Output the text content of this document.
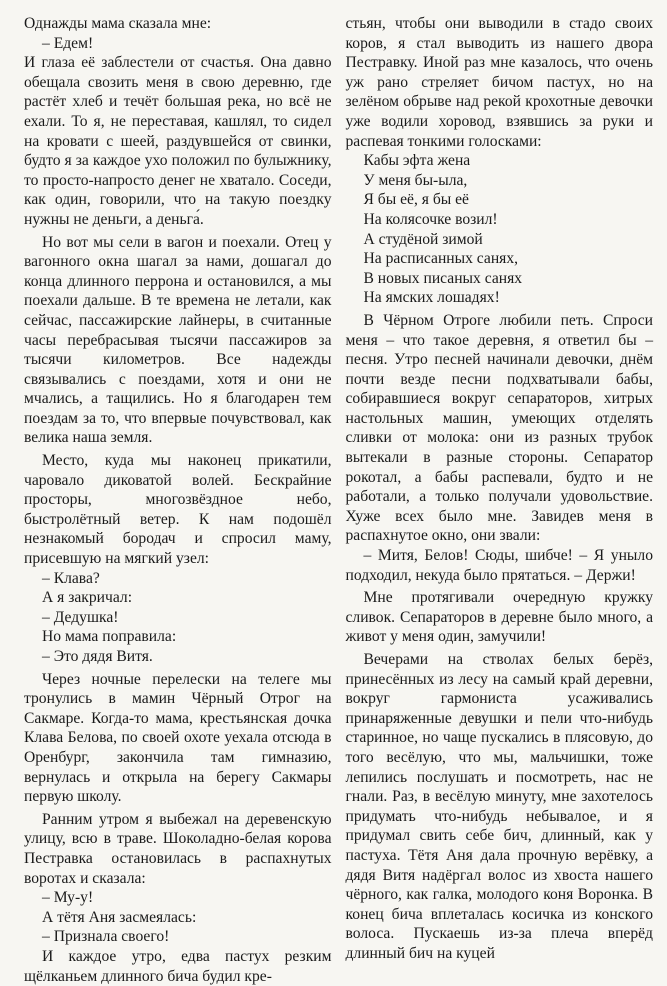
Однажды мама сказала мне:

– Едем!

И глаза её заблестели от счастья. Она давно обещала свозить меня в свою деревню, где растёт хлеб и течёт большая река, но всё не ехали. То я, не переставая, кашлял, то сидел на кровати с шеей, раздувшейся от свинки, будто я за каждое ухо положил по булыжнику, то просто-напросто денег не хватало. Соседи, как один, говорили, что на такую поездку нужны не деньги, а деньга́.

Но вот мы сели в вагон и поехали. Отец у вагонного окна шагал за нами, дошагал до конца длинного перрона и остановился, а мы поехали дальше. В те времена не летали, как сейчас, пассажирские лайнеры, в считанные часы перебрасывая тысячи пассажиров за тысячи километров. Все надежды связывались с поездами, хотя и они не мчались, а тащились. Но я благодарен тем поездам за то, что впервые почувствовал, как велика наша земля.

Место, куда мы наконец прикатили, чаровало диковатой волей. Бескрайние просторы, многозвёздное небо, быстролётный ветер. К нам подошёл незнакомый бородач и спросил маму, присевшую на мягкий узел:

– Клава?

А я закричал:

– Дедушка!

Но мама поправила:

– Это дядя Витя.

Через ночные перелески на телеге мы тронулись в мамин Чёрный Отрог на Сакмаре. Когда-то мама, крестьянская дочка Клава Белова, по своей охоте уехала отсюда в Оренбург, закончила там гимназию, вернулась и открыла на берегу Сакмары первую школу.

Ранним утром я выбежал на деревенскую улицу, всю в траве. Шоколадно-белая корова Пестравка остановилась в распахнутых воротах и сказала:

– Му-у!

А тётя Аня засмеялась:

– Признала своего!

И каждое утро, едва пастух резким щёлканьем длинного бича будил кре-

стьян, чтобы они выводили в стадо своих коров, я стал выводить из нашего двора Пестравку. Иной раз мне казалось, что очень уж рано стреляет бичом пастух, но на зелёном обрыве над рекой крохотные девочки уже водили хоровод, взявшись за руки и распевая тонкими голосками:

Кабы эфта жена

У меня бы-ыла,

Я бы её, я бы её

На колясочке возил!

А студёной зимой

На расписанных санях,

В новых писаных санях

На ямских лошадях!

В Чёрном Отроге любили петь. Спроси меня – что такое деревня, я ответил бы – песня. Утро песней начинали девочки, днём почти везде песни подхватывали бабы, собиравшиеся вокруг сепараторов, хитрых настольных машин, умеющих отделять сливки от молока: они из разных трубок вытекали в разные стороны. Сепаратор рокотал, а бабы распевали, будто и не работали, а только получали удовольствие. Хуже всех было мне. Завидев меня в распахнутое окно, они звали:

– Митя, Белов! Сюды, шибче! – Я уныло подходил, некуда было прятаться. – Держи!

Мне протягивали очередную кружку сливок. Сепараторов в деревне было много, а живот у меня один, замучили!

Вечерами на стволах белых берёз, принесённых из лесу на самый край деревни, вокруг гармониста усаживались принаряженные девушки и пели что-нибудь старинное, но чаще пускались в плясовую, до того весёлую, что мы, мальчишки, тоже лепились послушать и посмотреть, нас не гнали. Раз, в весёлую минуту, мне захотелось придумать что-нибудь небывалое, и я придумал свить себе бич, длинный, как у пастуха. Тётя Аня дала прочную верёвку, а дядя Витя надёргал волос из хвоста нашего чёрного, как галка, молодого коня Воронка. В конец бича вплеталась косичка из конского волоса. Пускаешь из-за плеча вперёд длинный бич на куцей
